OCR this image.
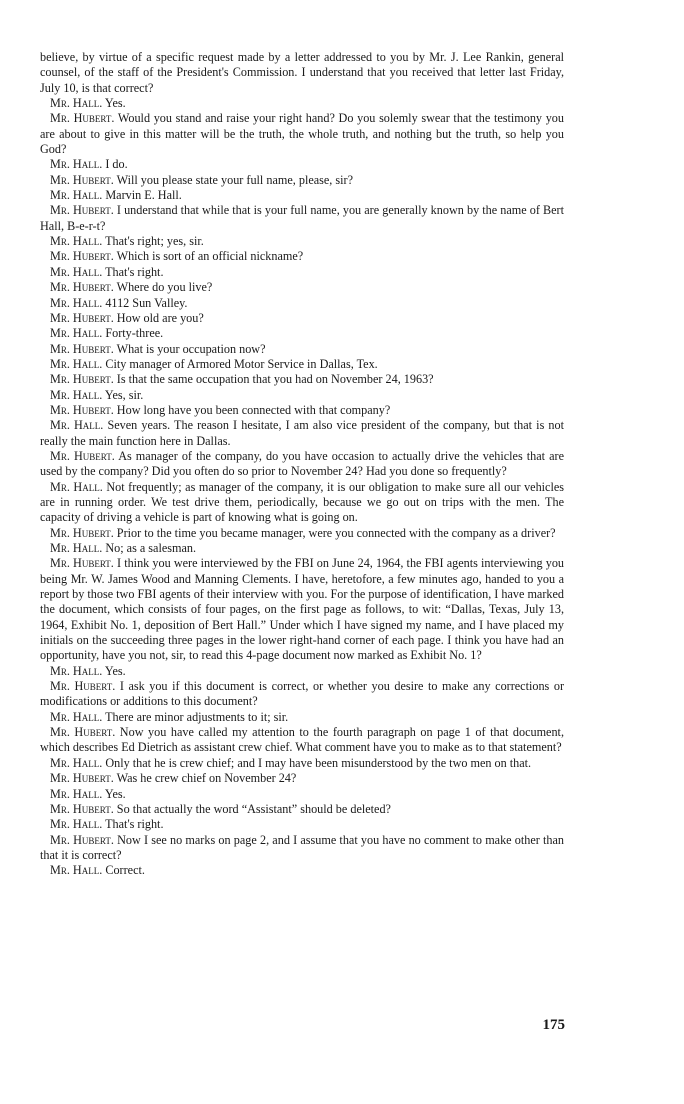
believe, by virtue of a specific request made by a letter addressed to you by Mr. J. Lee Rankin, general counsel, of the staff of the President's Commission. I understand that you received that letter last Friday, July 10, is that correct?

Mr. Hall. Yes.

Mr. Hubert. Would you stand and raise your right hand? Do you solemly swear that the testimony you are about to give in this matter will be the truth, the whole truth, and nothing but the truth, so help you God?

Mr. Hall. I do.

Mr. Hubert. Will you please state your full name, please, sir?

Mr. Hall. Marvin E. Hall.

Mr. Hubert. I understand that while that is your full name, you are generally known by the name of Bert Hall, B-e-r-t?

Mr. Hall. That's right; yes, sir.

Mr. Hubert. Which is sort of an official nickname?

Mr. Hall. That's right.

Mr. Hubert. Where do you live?

Mr. Hall. 4112 Sun Valley.

Mr. Hubert. How old are you?

Mr. Hall. Forty-three.

Mr. Hubert. What is your occupation now?

Mr. Hall. City manager of Armored Motor Service in Dallas, Tex.

Mr. Hubert. Is that the same occupation that you had on November 24, 1963?

Mr. Hall. Yes, sir.

Mr. Hubert. How long have you been connected with that company?

Mr. Hall. Seven years. The reason I hesitate, I am also vice president of the company, but that is not really the main function here in Dallas.

Mr. Hubert. As manager of the company, do you have occasion to actually drive the vehicles that are used by the company? Did you often do so prior to November 24? Had you done so frequently?

Mr. Hall. Not frequently; as manager of the company, it is our obligation to make sure all our vehicles are in running order. We test drive them, periodically, because we go out on trips with the men. The capacity of driving a vehicle is part of knowing what is going on.

Mr. Hubert. Prior to the time you became manager, were you connected with the company as a driver?

Mr. Hall. No; as a salesman.

Mr. Hubert. I think you were interviewed by the FBI on June 24, 1964, the FBI agents interviewing you being Mr. W. James Wood and Manning Clements. I have, heretofore, a few minutes ago, handed to you a report by those two FBI agents of their interview with you. For the purpose of identification, I have marked the document, which consists of four pages, on the first page as follows, to wit: “Dallas, Texas, July 13, 1964, Exhibit No. 1, deposition of Bert Hall.” Under which I have signed my name, and I have placed my initials on the succeeding three pages in the lower right-hand corner of each page. I think you have had an opportunity, have you not, sir, to read this 4-page document now marked as Exhibit No. 1?

Mr. Hall. Yes.

Mr. Hubert. I ask you if this document is correct, or whether you desire to make any corrections or modifications or additions to this document?

Mr. Hall. There are minor adjustments to it; sir.

Mr. Hubert. Now you have called my attention to the fourth paragraph on page 1 of that document, which describes Ed Dietrich as assistant crew chief. What comment have you to make as to that statement?

Mr. Hall. Only that he is crew chief; and I may have been misunderstood by the two men on that.

Mr. Hubert. Was he crew chief on November 24?

Mr. Hall. Yes.

Mr. Hubert. So that actually the word “Assistant” should be deleted?

Mr. Hall. That's right.

Mr. Hubert. Now I see no marks on page 2, and I assume that you have no comment to make other than that it is correct?

Mr. Hall. Correct.

175
